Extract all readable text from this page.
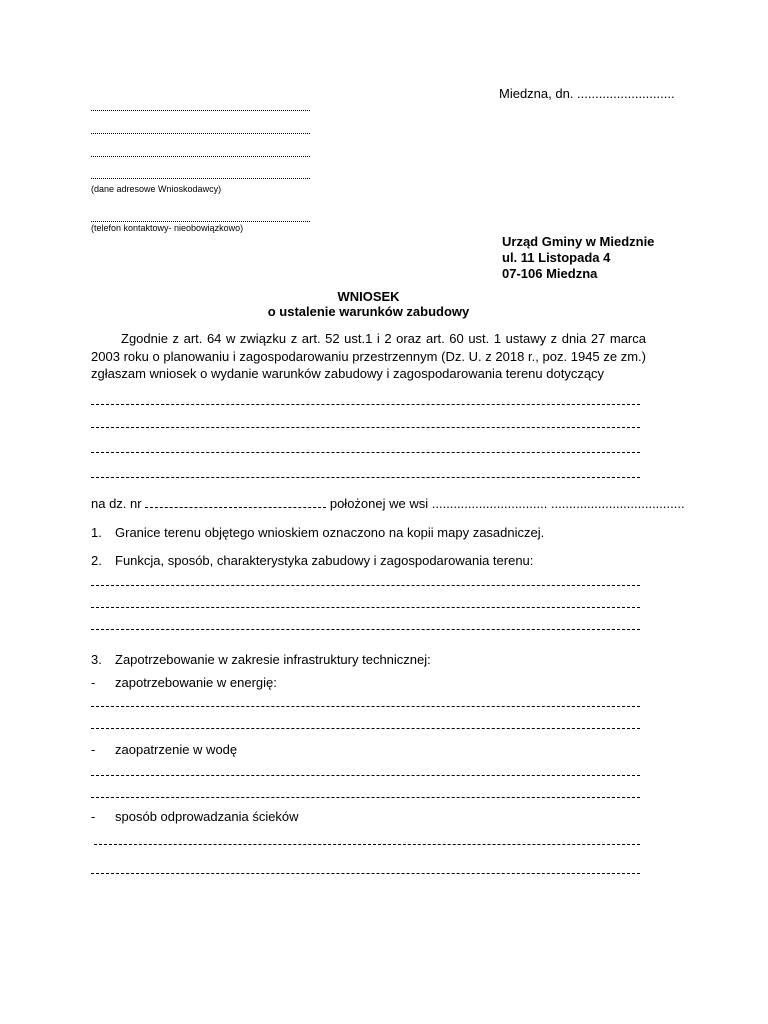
Miedzna, dn. ...........................
(dane adresowe Wnioskodawcy)
(telefon kontaktowy- nieobowiązkowo)
Urząd Gminy w Miedznie
ul. 11 Listopada 4
07-106 Miedzna
WNIOSEK
o ustalenie warunków zabudowy
Zgodnie z art. 64 w związku z art. 52 ust.1 i 2 oraz art. 60 ust. 1 ustawy z dnia 27 marca 2003 roku o planowaniu i zagospodarowaniu przestrzennym (Dz. U. z 2018 r., poz. 1945 ze zm.) zgłaszam wniosek o wydanie warunków zabudowy i zagospodarowania terenu dotyczący
na dz. nr	położonej we wsi ................................ .....................................
1. Granice terenu objętego wnioskiem oznaczono na kopii mapy zasadniczej.
2. Funkcja, sposób, charakterystyka zabudowy i zagospodarowania terenu:
3. Zapotrzebowanie w zakresie infrastruktury technicznej:
- zapotrzebowanie w energię:
- zaopatrzenie w wodę
- sposób odprowadzania ścieków
